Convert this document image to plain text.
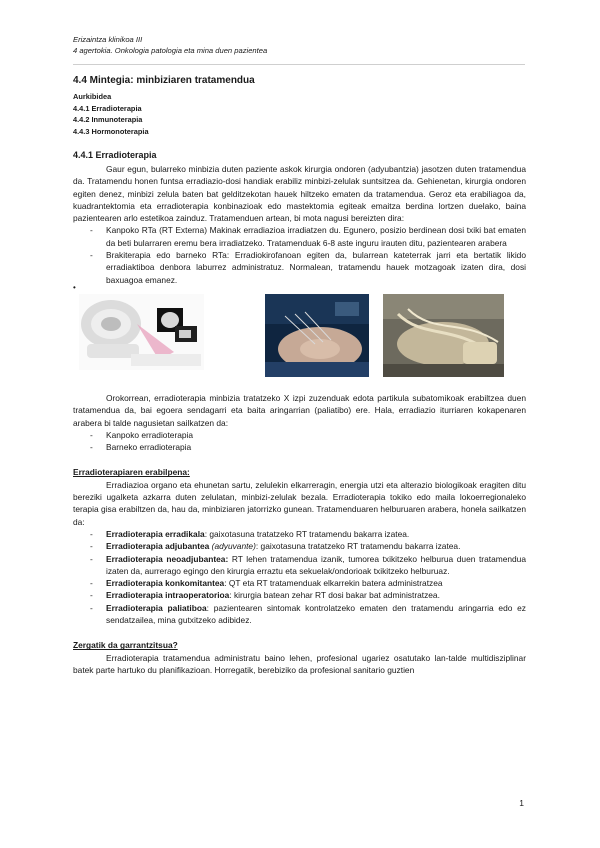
Erizaintza klinikoa III
4 agertokia. Onkologia patologia eta mina duen pazientea
4.4 Mintegia: minbiziaren tratamendua
Aurkibidea
4.4.1 Erradioterapia
4.4.2 Inmunoterapia
4.4.3 Hormonoterapia
4.4.1 Erradioterapia

Gaur egun, bularreko minbizia duten paziente askok kirurgia ondoren (adyubantzia) jasotzen duten tratamendua da. Tratamendu honen funtsa erradiazio-dosi handiak erabiliz minbizi-zelulak suntsitzea da. Gehienetan, kirurgia ondoren egiten denez, minbizi zelula baten bat gelditzekotan hauek hiltzeko ematen da tratamendua. Geroz eta erabiliagoa da, kuadrantektomia eta erradioterapia konbinazioak edo mastektomia egiteak emaitza berdina lortzen duelako, baina pazientearen arlo estetikoa zainduz. Tratamenduen artean, bi mota nagusi bereizten dira:

- Kanpoko RTa (RT Externa) Makinak erradiazioa irradiatzen du. Egunero, posizio berdinean dosi txiki bat ematen da beti bularraren eremu bera irradiatzeko. Tratamenduak 6-8 aste inguru irauten ditu, pazientearen arabera
- Brakiterapia edo barneko RTa: Erradiokirofanoan egiten da, bularrean kateterrak jarri eta bertatik likido erradiaktiboa denbora laburrez administratuz. Normalean, tratamendu hauek motzagoak izaten dira, dosi baxuagoa emanez.
•

Orokorrean, erradioterapia minbizia tratatzeko X izpi zuzenduak edota partikula subatomikoak erabiltzea duen tratamendua da, bai egoera sendagarri eta baita aringarrian (paliatibo) ere. Hala, erradiazio iturriaren kokapenaren arabera bi talde nagusietan sailkatzen da:

- Kanpoko erradioterapia
- Barneko erradioterapia
Erradioterapiaren erabilpena:

Erradiazioa organo eta ehunetan sartu, zelulekin elkarreragin, energia utzi eta alterazio biologikoak eragiten ditu bereziki ugalketa azkarra duten zelulatan, minbizi-zelulak bezala. Erradioterapia tokiko edo maila lokoerregionaleko terapia gisa erabiltzen da, hau da, minbiziaren jatorrizko gunean. Tratamenduaren helburuaren arabera, honela sailkatzen da:

- Erradioterapia erradikala: gaixotasuna tratatzeko RT tratamendu bakarra izatea.
- Erradioterapia adjubantea (adyuvante): gaixotasuna tratatzeko RT tratamendu bakarra izatea.
- Erradioterapia neoadjubantea: RT lehen tratamendua izanik, tumorea txikitzeko helburua duen tratamendua izaten da, aurrerago egingo den kirurgia erraztu eta sekuelak/ondorioak txikitzeko helburuaz.
- Erradioterapia konkomitantea: QT eta RT tratamenduak elkarrekin batera administratzea
- Erradioterapia intraoperatorioa: kirurgia batean zehar RT dosi bakar bat administratzea.
- Erradioterapia paliatiboa: pazientearen sintomak kontrolatzeko ematen den tratamendu aringarria edo ez sendatzailea, mina gutxitzeko adibidez.
Zergatik da garrantzitsua?

Erradioterapia tratamendua administratu baino lehen, profesional ugariez osatutako lan-talde multidisziplinar batek parte hartuko du planifikazioan. Horregatik, berebiziko da profesional sanitario guztien

1
